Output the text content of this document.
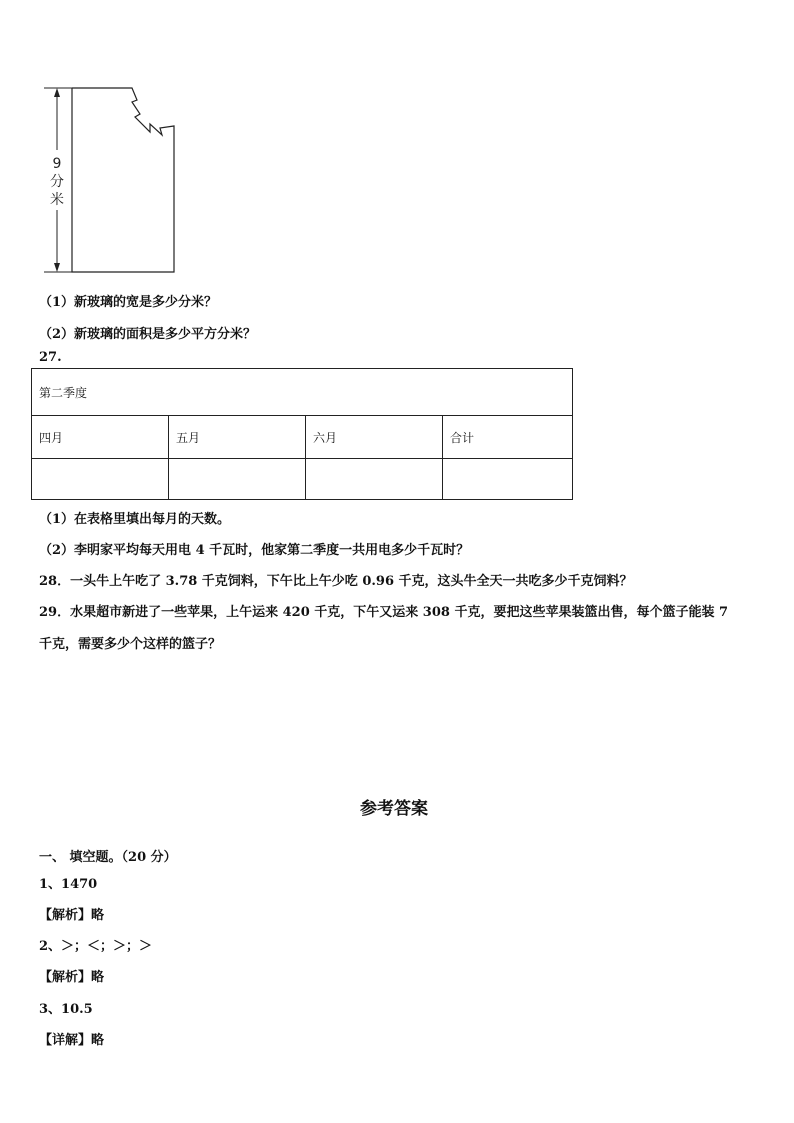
9
分
米
（1）新玻璃的宽是多少分米？
（2）新玻璃的面积是多少平方分米？
27.
第二季度			
四月	五月	六月	合计

（1）在表格里填出每月的天数。
（2）李明家平均每天用电 4 千瓦时，他家第二季度一共用电多少千瓦时？
28．一头牛上午吃了 3.78 千克饲料，下午比上午少吃 0.96 千克，这头牛全天一共吃多少千克饲料？
29．水果超市新进了一些苹果，上午运来 420 千克，下午又运来 308 千克，要把这些苹果装篮出售，每个篮子能装 7
千克，需要多少个这样的篮子？
参考答案
一、 填空题。（20 分）
1、1470
【解析】略
2、＞；＜；＞；＞
【解析】略
3、10.5
【详解】略
